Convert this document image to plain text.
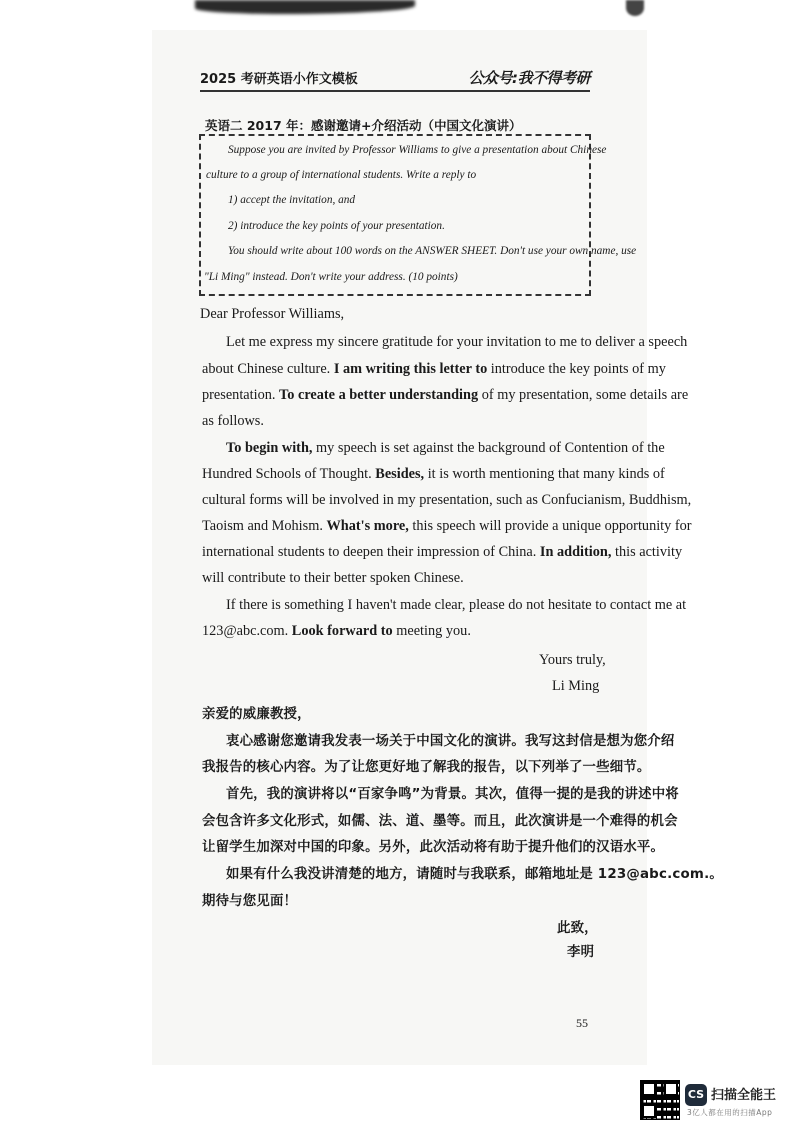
2025 考研英语小作文模板	公众号:我不得考研
英语二 2017 年：感谢邀请+介绍活动（中国文化演讲）

Suppose you are invited by Professor Williams to give a presentation about Chinese

culture to a group of international students. Write a reply to

1) accept the invitation, and

2) introduce the key points of your presentation.

You should write about 100 words on the ANSWER SHEET. Don't use your own name, use

"Li Ming" instead. Don't write your address. (10 points)

Dear Professor Williams,

Let me express my sincere gratitude for your invitation to me to deliver a speech

about Chinese culture. I am writing this letter to introduce the key points of my

presentation. To create a better understanding of my presentation, some details are

as follows.

To begin with, my speech is set against the background of Contention of the

Hundred Schools of Thought. Besides, it is worth mentioning that many kinds of

cultural forms will be involved in my presentation, such as Confucianism, Buddhism,

Taoism and Mohism. What's more, this speech will provide a unique opportunity for

international students to deepen their impression of China. In addition, this activity

will contribute to their better spoken Chinese.

If there is something I haven't made clear, please do not hesitate to contact me at

123@abc.com. Look forward to meeting you.

Yours truly,

Li Ming

亲爱的威廉教授，

衷心感谢您邀请我发表一场关于中国文化的演讲。我写这封信是想为您介绍

我报告的核心内容。为了让您更好地了解我的报告，以下列举了一些细节。

首先，我的演讲将以“百家争鸣”为背景。其次，值得一提的是我的讲述中将

会包含许多文化形式，如儒、法、道、墨等。而且，此次演讲是一个难得的机会

让留学生加深对中国的印象。另外，此次活动将有助于提升他们的汉语水平。

如果有什么我没讲清楚的地方，请随时与我联系，邮箱地址是 123@abc.com.。

期待与您见面！

此致，

李明

55
CS 扫描全能王
3亿人都在用的扫描App
